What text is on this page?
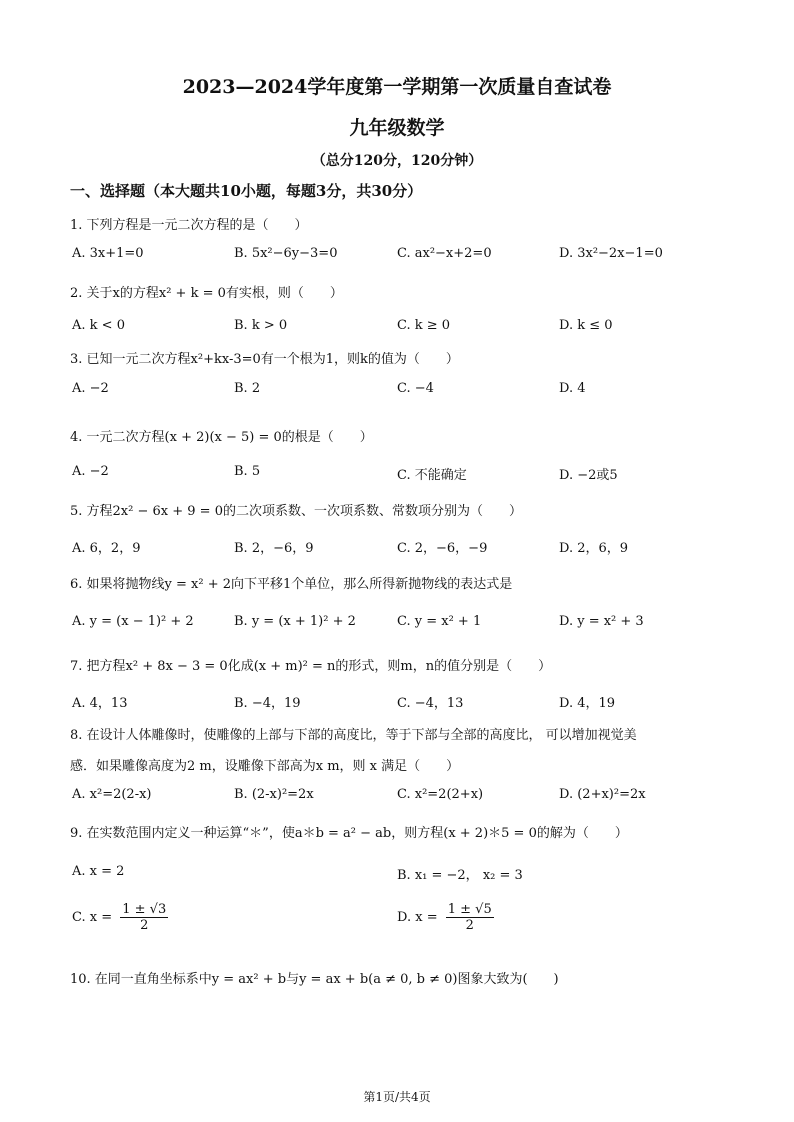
2023—2024学年度第一学期第一次质量自查试卷
九年级数学
（总分120分，120分钟）
一、选择题（本大题共10小题，每题3分，共30分）
1. 下列方程是一元二次方程的是（　　）
A. 3x+1=0	B. 5x²−6y−3=0	C. ax²−x+2=0	D. 3x²−2x−1=0
2. 关于x的方程x² + k = 0有实根，则（　　）
A. k < 0	B. k > 0	C. k ≥ 0	D. k ≤ 0
3. 已知一元二次方程x²+kx-3=0有一个根为1，则k的值为（　　）
A. −2	B. 2	C. −4	D. 4
4. 一元二次方程(x + 2)(x − 5) = 0的根是（　　）
A. −2	B. 5	C. 不能确定	D. −2或5
5. 方程2x² − 6x + 9 = 0的二次项系数、一次项系数、常数项分别为（　　）
A. 6，2，9	B. 2，−6，9	C. 2，−6，−9	D. 2，6，9
6. 如果将抛物线y = x² + 2向下平移1个单位，那么所得新抛物线的表达式是
A. y = (x − 1)² + 2	B. y = (x + 1)² + 2	C. y = x² + 1	D. y = x² + 3
7. 把方程x² + 8x − 3 = 0化成(x + m)² = n的形式，则m，n的值分别是（　　）
A. 4，13	B. −4，19	C. −4，13	D. 4，19
8. 在设计人体雕像时，使雕像的上部与下部的高度比，等于下部与全部的高度比， 可以增加视觉美
感．如果雕像高度为2 m，设雕像下部高为x m，则 x 满足（　　）
A. x²=2(2-x)	B. (2-x)²=2x	C. x²=2(2+x)	D. (2+x)²=2x
9. 在实数范围内定义一种运算“＊”，使a＊b = a² − ab，则方程(x + 2)＊5 = 0的解为（　　）
A. x = 2	B. x₁ = −2， x₂ = 3
C. $x = \frac{1 \pm √3}{2}$	D. $x = \frac{1 \pm √5}{2}$
10. 在同一直角坐标系中y = ax² + b与y = ax + b(a ≠ 0, b ≠ 0)图象大致为(　　)
第1页/共4页
